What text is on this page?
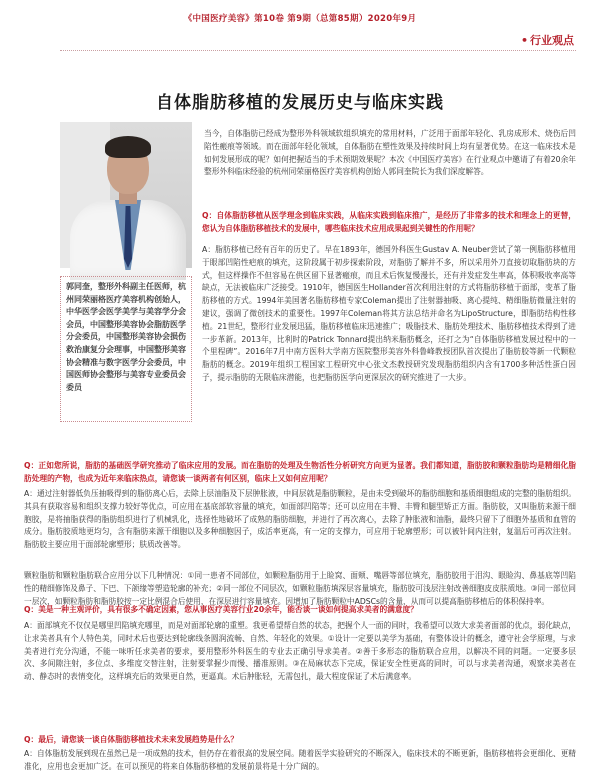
《中国医疗美容》第10卷 第9期（总第85期）2020年9月
• 行业观点
自体脂肪移植的发展历史与临床实践
郭同奎，整形外科副主任医师，杭州同荣丽格医疗美容机构创始人，中华医学会医学美学与美容学分会会员，中国整形美容协会脂肪医学分会委员，中国整形美容协会损伤救治康复分会理事，中国整形美容协会精准与数字医学分会委员，中国医师协会整形与美容专业委员会委员

当今，自体脂肪已经成为整形外科领域软组织填充的常用材料，广泛用于面部年轻化、乳房成形术、烧伤后凹陷性瘢痕等领域。而在面部年轻化领域，自体脂肪在塑性效果及持续时间上均有显著优势。在这一临床技术是如何发展形成的呢？如何把握适当的手术预期效果呢？本次《中国医疗美容》在行业观点中邀请了有着20余年整形外科临床经验的杭州同荣丽格医疗美容机构创始人郭同奎院长为我们深度解答。

Q：自体脂肪移植从医学理念到临床实践，从临床实践到临床推广，是经历了非常多的技术和理念上的更替，您认为自体脂肪移植技术的发展中，哪些临床技术应用成果起到关键性的作用呢？

A：脂肪移植已经有百年的历史了。早在1893年，德国外科医生Gustav A. Neuber尝试了第一例脂肪移植用于眼部凹陷性疤痕的填充，这阶段属于初步探索阶段，对脂肪了解并不多，所以采用外刀直接切取脂肪块的方式，但这样操作不但容易在供区留下显著瘢痕，而且术后恢复慢漫长，还有并发症发生率高，体积吸收率高等缺点，无法被临床广泛接受。1910年，德国医生Hollander首次利用注射的方式将脂肪移植于面部，变革了脂肪移植的方式。1994年美国著名脂肪移植专家Coleman提出了注射器抽吸、离心提纯、精细脂肪微量注射的建议，强调了微创技术的重要性。1997年Coleman将其方法总结并命名为LipoStructure，即脂肪结构性移植。21世纪，整形行业发展迅猛，脂肪移植临床迅速推广；吸脂技术、脂肪处理技术、脂肪移植技术得到了进一步革新。2013年，比利时的Patrick Tonnard提出纳米脂肪概念，还打之为“自体脂肪移植发展过程中的一个里程碑”。2016年7月中南方医科大学南方医院整形美容外科鲁峰教授团队首次提出了脂肪胶等新一代颗粒脂肪的概念。2019年组织工程国家工程研究中心张文杰教授研究发现脂肪组织内含有1700多种活性蛋白因子，提示脂肪的无限临床潜能，也把脂肪医学向更深层次的研究推进了一大步。

Q：正如您所说，脂肪的基础医学研究推动了临床应用的发展。而在脂肪的处理及生物活性分析研究方向更为显著。我们都知道，脂肪胶和颗粒脂肪均是精细化脂肪处理的产物，也成为近年来临床热点，请您谈一谈两者有何区别，临床上又如何应用呢？

A：通过注射器低负压抽吸得到的脂肪离心后，去除上层油脂及下层肿胀液，中间层就是脂肪颗粒，是由未受到破坏的脂肪细胞和基质细胞组成的完整的脂肪组织。其具有获取容易和组织支撑力较好等优点，可应用在基底部软容量的填充，如面部凹陷等；还可以应用在丰臀、丰臀和腿型矫正方面。脂肪胶，又叫脂肪来源干细胞胶，是将抽脂获得的脂肪组织进行了机械乳化，选择性地破坏了成熟的脂肪细胞，并进行了再次离心，去除了肿胀液和油脂，最终只留下了细胞外基质和血管的成分。脂肪胶质地更均匀，含有脂肪来源干细胞以及多种细胞因子，成活率更高，有一定的支撑力，可应用于轮廓塑形；可以被针间内注射，复温后可再次注射。脂肪胶主要应用于面部轮廓塑形；肤质改善等。

颗粒脂肪和颗粒脂肪联合应用分以下几种情况：①同一患者不同部位，如颗粒脂肪用于上睑窝、面颊、嘴唇等部位填充，脂肪胶用于泪沟、眼睑沟、鼻基底等凹陷性的精细修饰及鼻子、下巴、下颌缘等塑造轮廓的补充；②同一部位不同层次，如颗粒脂肪填深层容量填充，脂肪胶可浅层注射改善细胞皮皮肤质地。③同一部位同一层次，如颗粒脂肪和脂肪胶按一定比例混合后使用，在深层进行容量填充。因增加了脂肪颗粒中ADSCs的含量，从而可以提高脂肪移植后的体积保持率。

Q：美是一种主观评价，具有很多不确定因素，您从事医疗美容行业20余年，能否谈一谈如何提高求美者的满意度？

A：面部填充不仅仅是哪里凹陷填充哪里，而是对面部轮廓的重塑。我更希望帮自然的状态，把握个人一面的同时，我希望可以效大求美者面部的优点，弱化缺点，让求美者具有个人特色美，同时术后也要达到轮廓线条圆润流畅、自然、年轻化的效果。①设计一定要以美学为基础，有整体设计的概念，遵守社会学原理，与求美者进行充分沟通，不能一味听任求美者的要求，要用整形外科医生的专业去正确引导求美者。②善于多形态的脂肪联合应用，以解决不同的问题。一定要多层次、多间隙注射，多位点、多维度交替注射，注射要掌握少而慢、播准原则。③在局麻状态下完成，保证安全性更高的同时，可以与求美者沟通，观察求美者在动、静态时的表情变化，这样填充后的效果更自然，更逼真。术后肿胀轻，无需包扎，最大程度保证了术后满意率。

Q：最后，请您谈一谈自体脂肪移植技术未来发展趋势是什么？

A：自体脂肪发展到现在虽然已是一项成熟的技术，但仍存在着很高的发展空间。随着医学实验研究的不断深入，临床技术的不断更新，脂肪移植将会更细化、更精准化，应用也会更加广泛。在可以预见的将来自体脂肪移植的发展前景将是十分广阔的。
